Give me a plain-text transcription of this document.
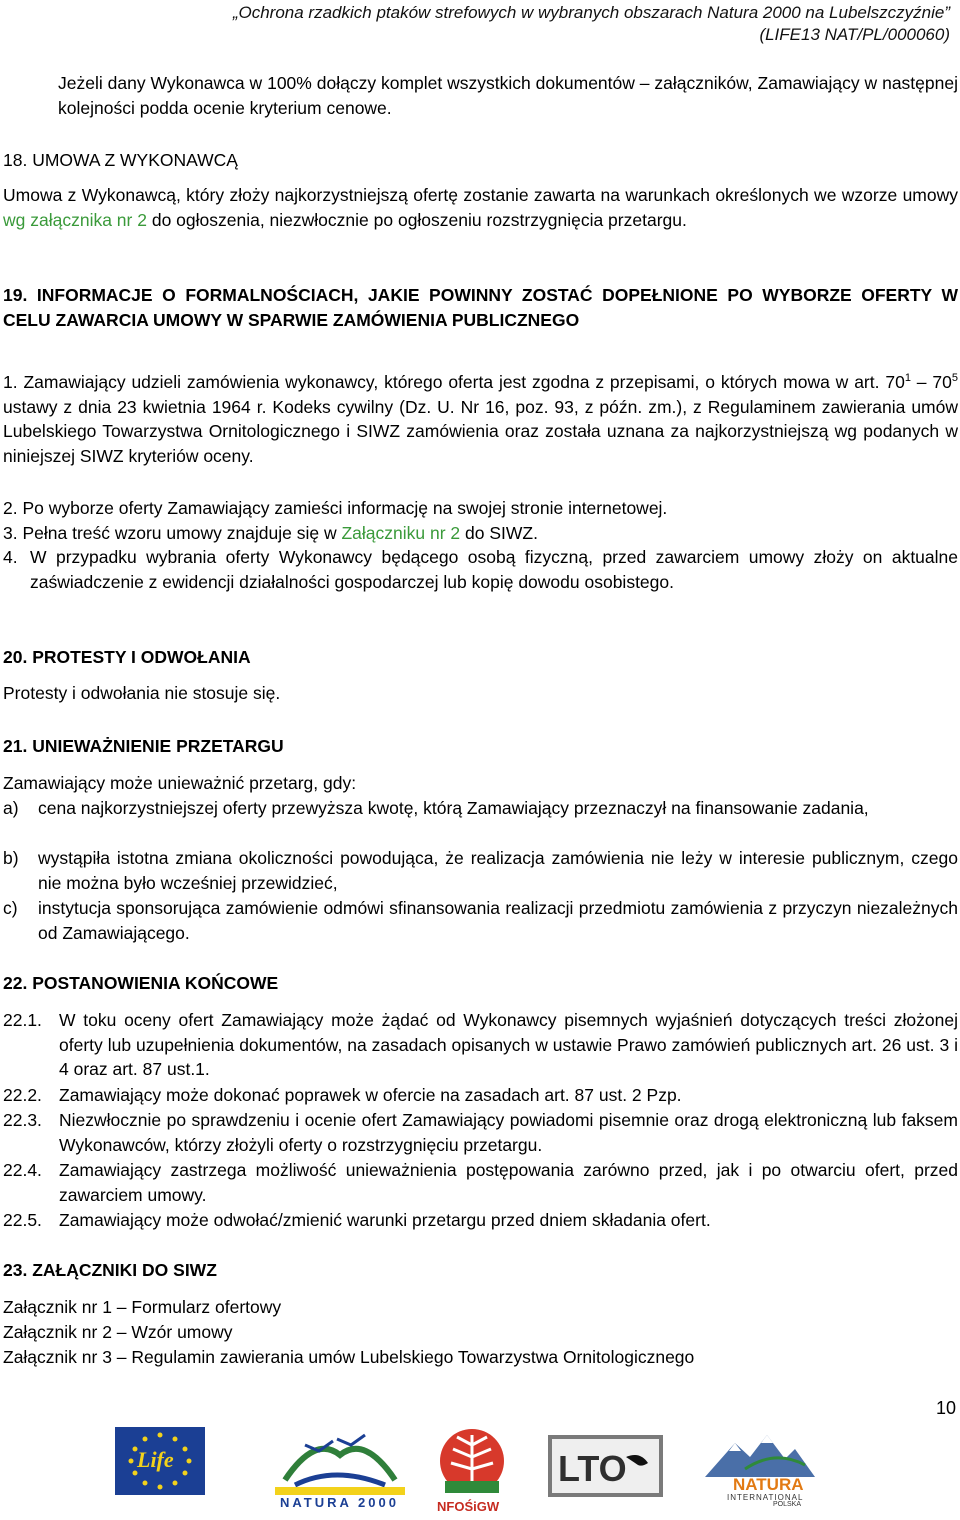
„Ochrona rzadkich ptaków strefowych w wybranych obszarach Natura 2000 na Lubelszczyźnie”
(LIFE13 NAT/PL/000060)

Jeżeli dany Wykonawca w 100% dołączy komplet wszystkich dokumentów – załączników, Zamawiający w następnej kolejności podda ocenie kryterium cenowe.

18. UMOWA Z WYKONAWCĄ

Umowa z Wykonawcą, który złoży najkorzystniejszą ofertę zostanie zawarta na warunkach określonych we wzorze umowy wg załącznika nr 2 do ogłoszenia, niezwłocznie po ogłoszeniu rozstrzygnięcia przetargu.

19. INFORMACJE O FORMALNOŚCIACH, JAKIE POWINNY ZOSTAĆ DOPEŁNIONE PO WYBORZE OFERTY W CELU ZAWARCIA UMOWY W SPARWIE ZAMÓWIENIA PUBLICZNEGO

1. Zamawiający udzieli zamówienia wykonawcy, którego oferta jest zgodna z przepisami, o których mowa w art. $70^1 - 70^5$ ustawy z dnia 23 kwietnia 1964 r. Kodeks cywilny (Dz. U. Nr 16, poz. 93, z późn. zm.), z Regulaminem zawierania umów Lubelskiego Towarzystwa Ornitologicznego i SIWZ zamówienia oraz została uznana za najkorzystniejszą wg podanych w niniejszej SIWZ kryteriów oceny.

2. Po wyborze oferty Zamawiający zamieści informację na swojej stronie internetowej.
3. Pełna treść wzoru umowy znajduje się w Załączniku nr 2 do SIWZ.
4. W przypadku wybrania oferty Wykonawcy będącego osobą fizyczną, przed zawarciem umowy złoży on aktualne zaświadczenie z ewidencji działalności gospodarczej lub kopię dowodu osobistego.

20. PROTESTY I ODWOŁANIA
Protesty i odwołania nie stosuje się.
21. UNIEWAŻNIENIE PRZETARGU
Zamawiający może unieważnić przetarg, gdy:
a) cena najkorzystniejszej oferty przewyższa kwotę, którą Zamawiający przeznaczył na finansowanie zadania,

b) wystąpiła istotna zmiana okoliczności powodująca, że realizacja zamówienia nie leży w interesie publicznym, czego nie można było wcześniej przewidzieć,

c) instytucja sponsorująca zamówienie odmówi sfinansowania realizacji przedmiotu zamówienia z przyczyn niezależnych od Zamawiającego.

22. POSTANOWIENIA KOŃCOWE
22.1. W toku oceny ofert Zamawiający może żądać od Wykonawcy pisemnych wyjaśnień dotyczących treści złożonej oferty lub uzupełnienia dokumentów, na zasadach opisanych w ustawie Prawo zamówień publicznych art. 26 ust. 3 i 4 oraz art. 87 ust.1.

22.2. Zamawiający może dokonać poprawek w ofercie na zasadach art. 87 ust. 2 Pzp.

22.3. Niezwłocznie po sprawdzeniu i ocenie ofert Zamawiający powiadomi pisemnie oraz drogą elektroniczną lub faksem Wykonawców, którzy złożyli oferty o rozstrzygnięciu przetargu.

22.4. Zamawiający zastrzega możliwość unieważnienia postępowania zarówno przed, jak i po otwarciu ofert, przed zawarciem umowy.

22.5. Zamawiający może odwołać/zmienić warunki przetargu przed dniem składania ofert.

23. ZAŁĄCZNIKI DO SIWZ
Załącznik nr 1 – Formularz ofertowy
Załącznik nr 2 – Wzór umowy
Załącznik nr 3 – Regulamin zawierania umów Lubelskiego Towarzystwa Ornitologicznego
10
Life
NATURA 2000	NFOŚiGW
LTO	NATURA
INTERNATIONAL
POLSKA
